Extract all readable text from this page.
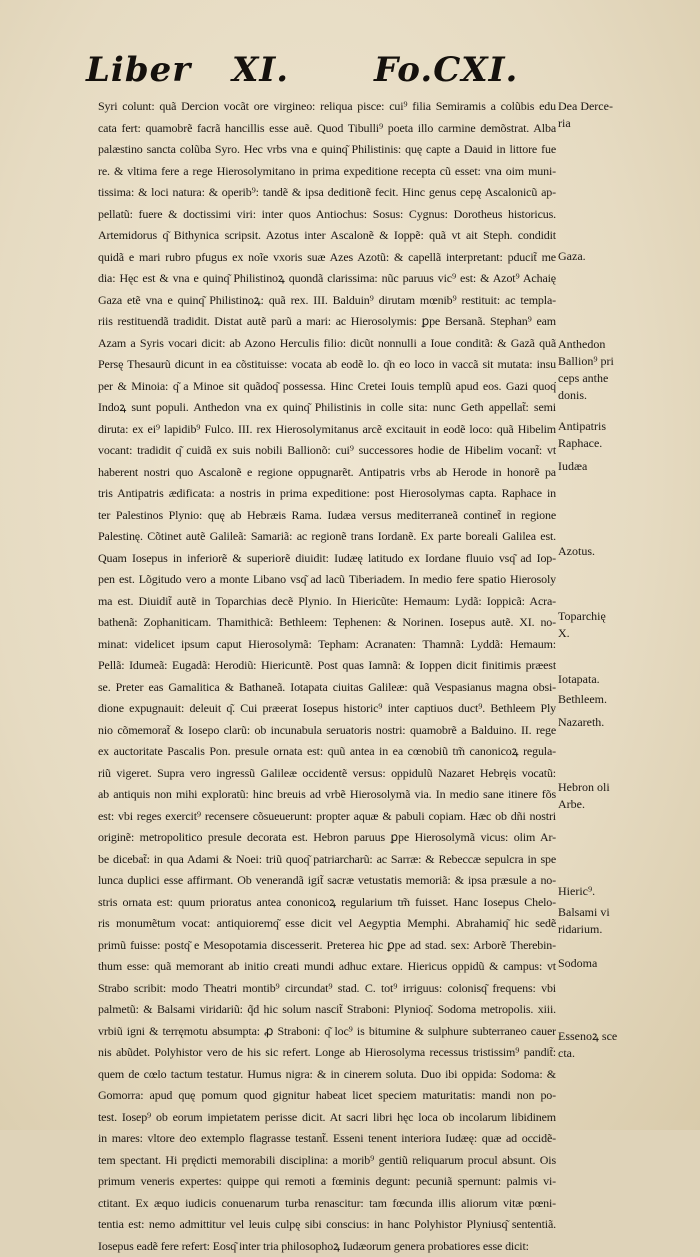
Liber XI. Fo.CXI.
Syri colunt: quã Dercion vocãt ore virgineo: reliqua pisce: cui⁹ filia Semiramis a colũbis edu
cata fert: quamobrẽ facrã hancillis esse auẽ. Quod Tibulli⁹ poeta illo carmine demõstrat. Alba
palæstino sancta colũba Syro. Hec vrbs vna e quinq͂ Philistinis: quę capte a Dauid in littore fue
re. & vltima fere a rege Hierosolymitano in prima expeditione recepta cũ esset: vna oim muni-
tissima: & loci natura: & operib⁹: tandẽ & ipsa deditionẽ fecit. Hinc genus cepę Ascalonicũ ap-
pellatũ: fuere & doctissimi viri: inter quos Antiochus: Sosus: Cygnus: Dorotheus historicus.
Artemidorus q͂ Bithynica scripsit. Azotus inter Ascalonẽ & Ioppẽ: quã vt ait Steph. condidit
quidã e mari rubro pfugus ex noĩe vxoris suæ Azes Azotũ: & capellã interpretant: pducit̃ me
dia: Hęc est & vna e quinq͂ Philistinoꝝ quondã clarissima: nũc paruus vic⁹ est: & Azot⁹ Achaię
Gaza etẽ vna e quinq͂ Philistinoꝝ: quã rex. III. Balduin⁹ dirutam mœnib⁹ restituit: ac templa-
riis restituendã tradidit. Distat autẽ parũ a mari: ac Hierosolymis: ꝑpe Bersanã. Stephan⁹ eam
Azam a Syris vocari dicit: ab Azono Herculis filio: dicũt nonnulli a Ioue conditã: & Gazã quã
Persę Thesaurũ dicunt in ea cõstituisse: vocata ab eodẽ lo. q͂n eo loco in vaccã sit mutata: insu
per & Minoia: q͂ a Minoe sit quãdoq͂ possessa. Hinc Cretei Iouis templũ apud eos. Gazi quoq͂
Indoꝝ sunt populi. Anthedon vna ex quinq͂ Philistinis in colle sita: nunc Geth appellat̃: semi
diruta: ex ei⁹ lapidib⁹ Fulco. III. rex Hierosolymitanus arcẽ excitauit in eodẽ loco: quã Hibelim
vocant: tradidit q͂ cuidã ex suis nobili Ballionõ: cui⁹ successores hodie de Hibelim vocant̃: vt
haberent nostri quo Ascalonẽ e regione oppugnarẽt. Antipatris vrbs ab Herode in honorẽ pa
tris Antipatris ædificata: a nostris in prima expeditione: post Hierosolymas capta. Raphace in
ter Palestinos Plynio: quę ab Hebræis Rama. Iudæa versus mediterraneã continet̃ in regione
Palestinę. Cõtinet autẽ Galileã: Samariã: ac regionẽ trans Iordanẽ. Ex parte boreali Galilea est.
Quam Iosepus in inferiorẽ & superiorẽ diuidit: Iudæę latitudo ex Iordane fluuio vsq͂ ad Iop-
pen est. Lõgitudo vero a monte Libano vsq͂ ad lacũ Tiberiadem. In medio fere spatio Hierosoly
ma est. Diuidit̃ autẽ in Toparchias decẽ Plynio. In Hiericũte: Hemaum: Lydã: Ioppicã: Acra-
bathenã: Zophaniticam. Thamithicã: Bethleem: Tephenen: & Norinen. Iosepus autẽ. XI. no-
minat: videlicet ipsum caput Hierosolymã: Tepham: Acranaten: Thamnã: Lyddã: Hemaum:
Pellã: Idumeã: Eugadã: Herodiũ: Hiericuntẽ. Post quas Iamnã: & Ioppen dicit finitimis præest
se. Preter eas Gamalitica & Bathaneã. Iotapata ciuitas Galileæ: quã Vespasianus magna obsi-
dione expugnauit: deleuit q͂. Cui præerat Iosepus historic⁹ inter captiuos duct⁹. Bethleem Ply
nio cõmemorat̃ & Iosepo clarũ: ob incunabula seruatoris nostri: quamobrẽ a Balduino. II. rege
ex auctoritate Pascalis Pon. presule ornata est: quũ antea in ea cœnobiũ tm̃ canonicoꝝ regula-
riũ vigeret. Supra vero ingressũ Galileæ occidentẽ versus: oppidulũ Nazaret Hebręis vocatũ:
ab antiquis non mihi exploratũ: hinc breuis ad vrbẽ Hierosolymã via. In medio sane itinere fõs
est: vbi reges exercit⁹ recensere cõsueuerunt: propter aquæ & pabuli copiam. Hæc ob dñi nostri
originẽ: metropolitico presule decorata est. Hebron paruus ꝑpe Hierosolymã vicus: olim Ar-
be dicebat̃: in qua Adami & Noei: triũ quoq͂ patriarcharũ: ac Sarræ: & Rebeccæ sepulcra in spe
lunca duplici esse affirmant. Ob venerandã igit̃ sacræ vetustatis memoriã: & ipsa præsule a no-
stris ornata est: quum prioratus antea cononicoꝝ regularium tm̃ fuisset. Hanc Iosepus Chelo-
ris monumẽtum vocat: antiquioremq͂ esse dicit vel Aegyptia Memphi. Abrahamiq͂ hic sedẽ
primũ fuisse: postq͂ e Mesopotamia discesserit. Preterea hic ꝑpe ad stad. sex: Arborẽ Therebin-
thum esse: quã memorant ab initio creati mundi adhuc extare. Hiericus oppidũ & campus: vt
Strabo scribit: modo Theatri montib⁹ circundat⁹ stad. C. tot⁹ irriguus: colonisq͂ frequens: vbi
palmetũ: & Balsami viridariũ: q̃d hic solum nascit̃ Straboni: Plynioq͂. Sodoma metropolis. xiii.
vrbiũ igni & terręmotu absumpta: ꝓ Straboni: q͂ loc⁹ is bitumine & sulphure subterraneo cauer
nis abũdet. Polyhistor vero de his sic refert. Longe ab Hierosolyma recessus tristissim⁹ pandit̃:
quem de cœlo tactum testatur. Humus nigra: & in cinerem soluta. Duo ibi oppida: Sodoma: &
Gomorra: apud quę pomum quod gignitur habeat licet speciem maturitatis: mandi non po-
test. Iosep⁹ ob eorum impietatem perisse dicit. At sacri libri hęc loca ob incolarum libidinem
in mares: vltore deo extemplo flagrasse testant̃. Esseni tenent interiora Iudæę: quæ ad occidẽ-
tem spectant. Hi prędicti memorabili disciplina: a morib⁹ gentiũ reliquarum procul absunt. Ois
primum veneris expertes: quippe qui remoti a fœminis degunt: pecuniã spernunt: palmis vi-
ctitant. Ex æquo iudicis conuenarum turba renascitur: tam fœcunda illis aliorum vitæ pœni-
tentia est: nemo admittitur vel leuis culpę sibi conscius: in hanc Polyhistor Plyniusq͂ sententiã.
Iosepus eadẽ fere refert: Eosq͂ inter tria philosophoꝝ Iudæorum genera probatiores esse dicit:
Dea Derce-
ria
Azotus.
Gaza.
Anthedon
Ballion⁹ pri
ceps anthe
donis.
Antipatris
Raphace.
Iudæa
Toparchię
X.
Iotapata.
Bethleem.
Nazareth.
Hebron oli
Arbe.
Hieric⁹.
Balsami vi
ridarium.
Sodoma
Essenoꝝ sce
cta.
